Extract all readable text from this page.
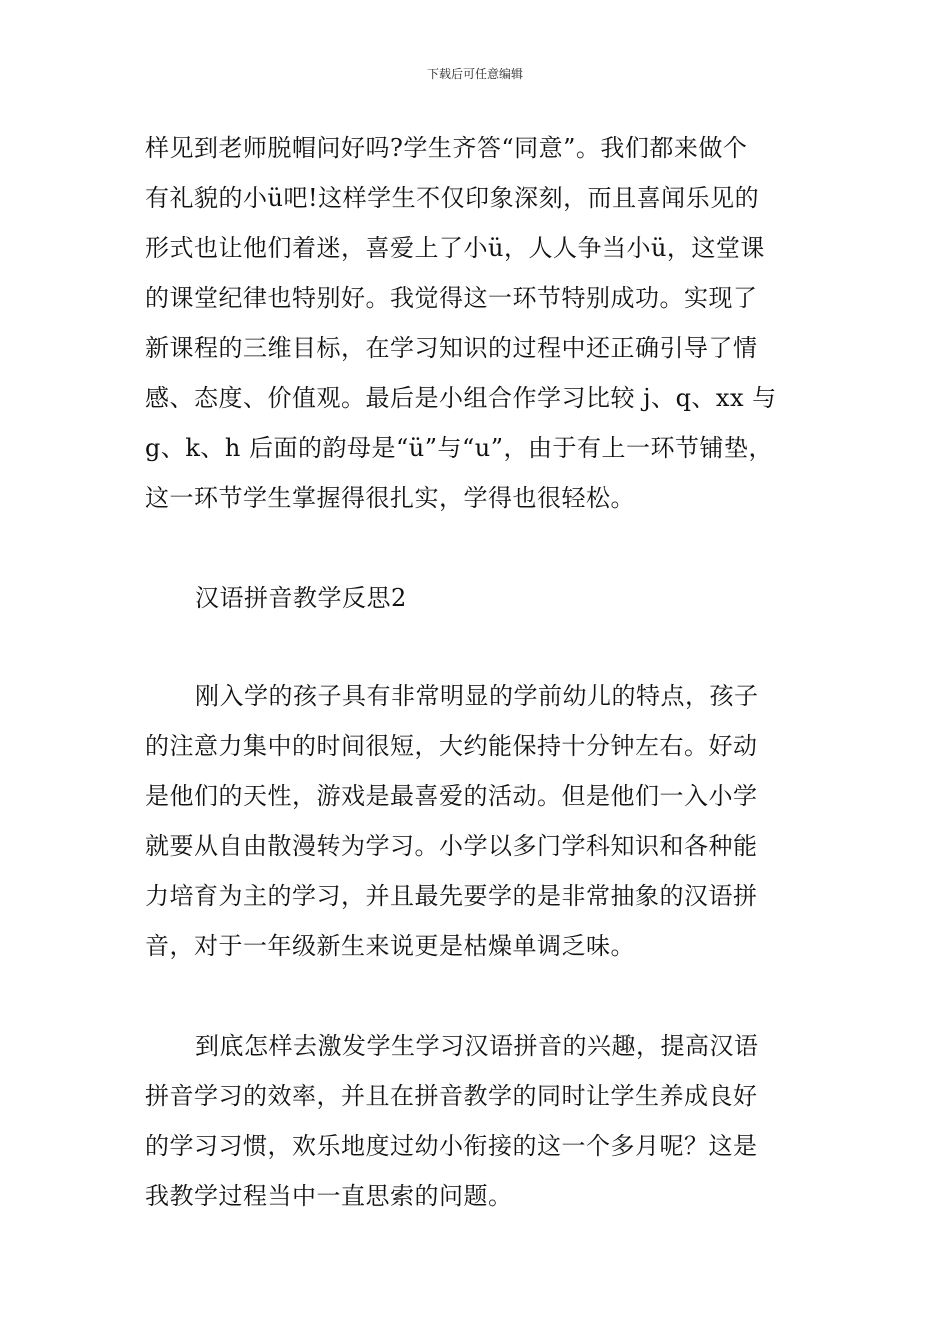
下载后可任意编辑
样见到老师脱帽问好吗?学生齐答“同意”。我们都来做个
有礼貌的小ü吧!这样学生不仅印象深刻，而且喜闻乐见的
形式也让他们着迷，喜爱上了小ü，人人争当小ü，这堂课
的课堂纪律也特别好。我觉得这一环节特别成功。实现了
新课程的三维目标，在学习知识的过程中还正确引导了情
感、态度、价值观。最后是小组合作学习比较 j、q、xx 与
g、k、h 后面的韵母是“ü”与“u”，由于有上一环节铺垫，
这一环节学生掌握得很扎实，学得也很轻松。
汉语拼音教学反思2
刚入学的孩子具有非常明显的学前幼儿的特点，孩子
的注意力集中的时间很短，大约能保持十分钟左右。好动
是他们的天性，游戏是最喜爱的活动。但是他们一入小学
就要从自由散漫转为学习。小学以多门学科知识和各种能
力培育为主的学习，并且最先要学的是非常抽象的汉语拼
音，对于一年级新生来说更是枯燥单调乏味。
到底怎样去激发学生学习汉语拼音的兴趣，提高汉语
拼音学习的效率，并且在拼音教学的同时让学生养成良好
的学习习惯，欢乐地度过幼小衔接的这一个多月呢？这是
我教学过程当中一直思索的问题。
